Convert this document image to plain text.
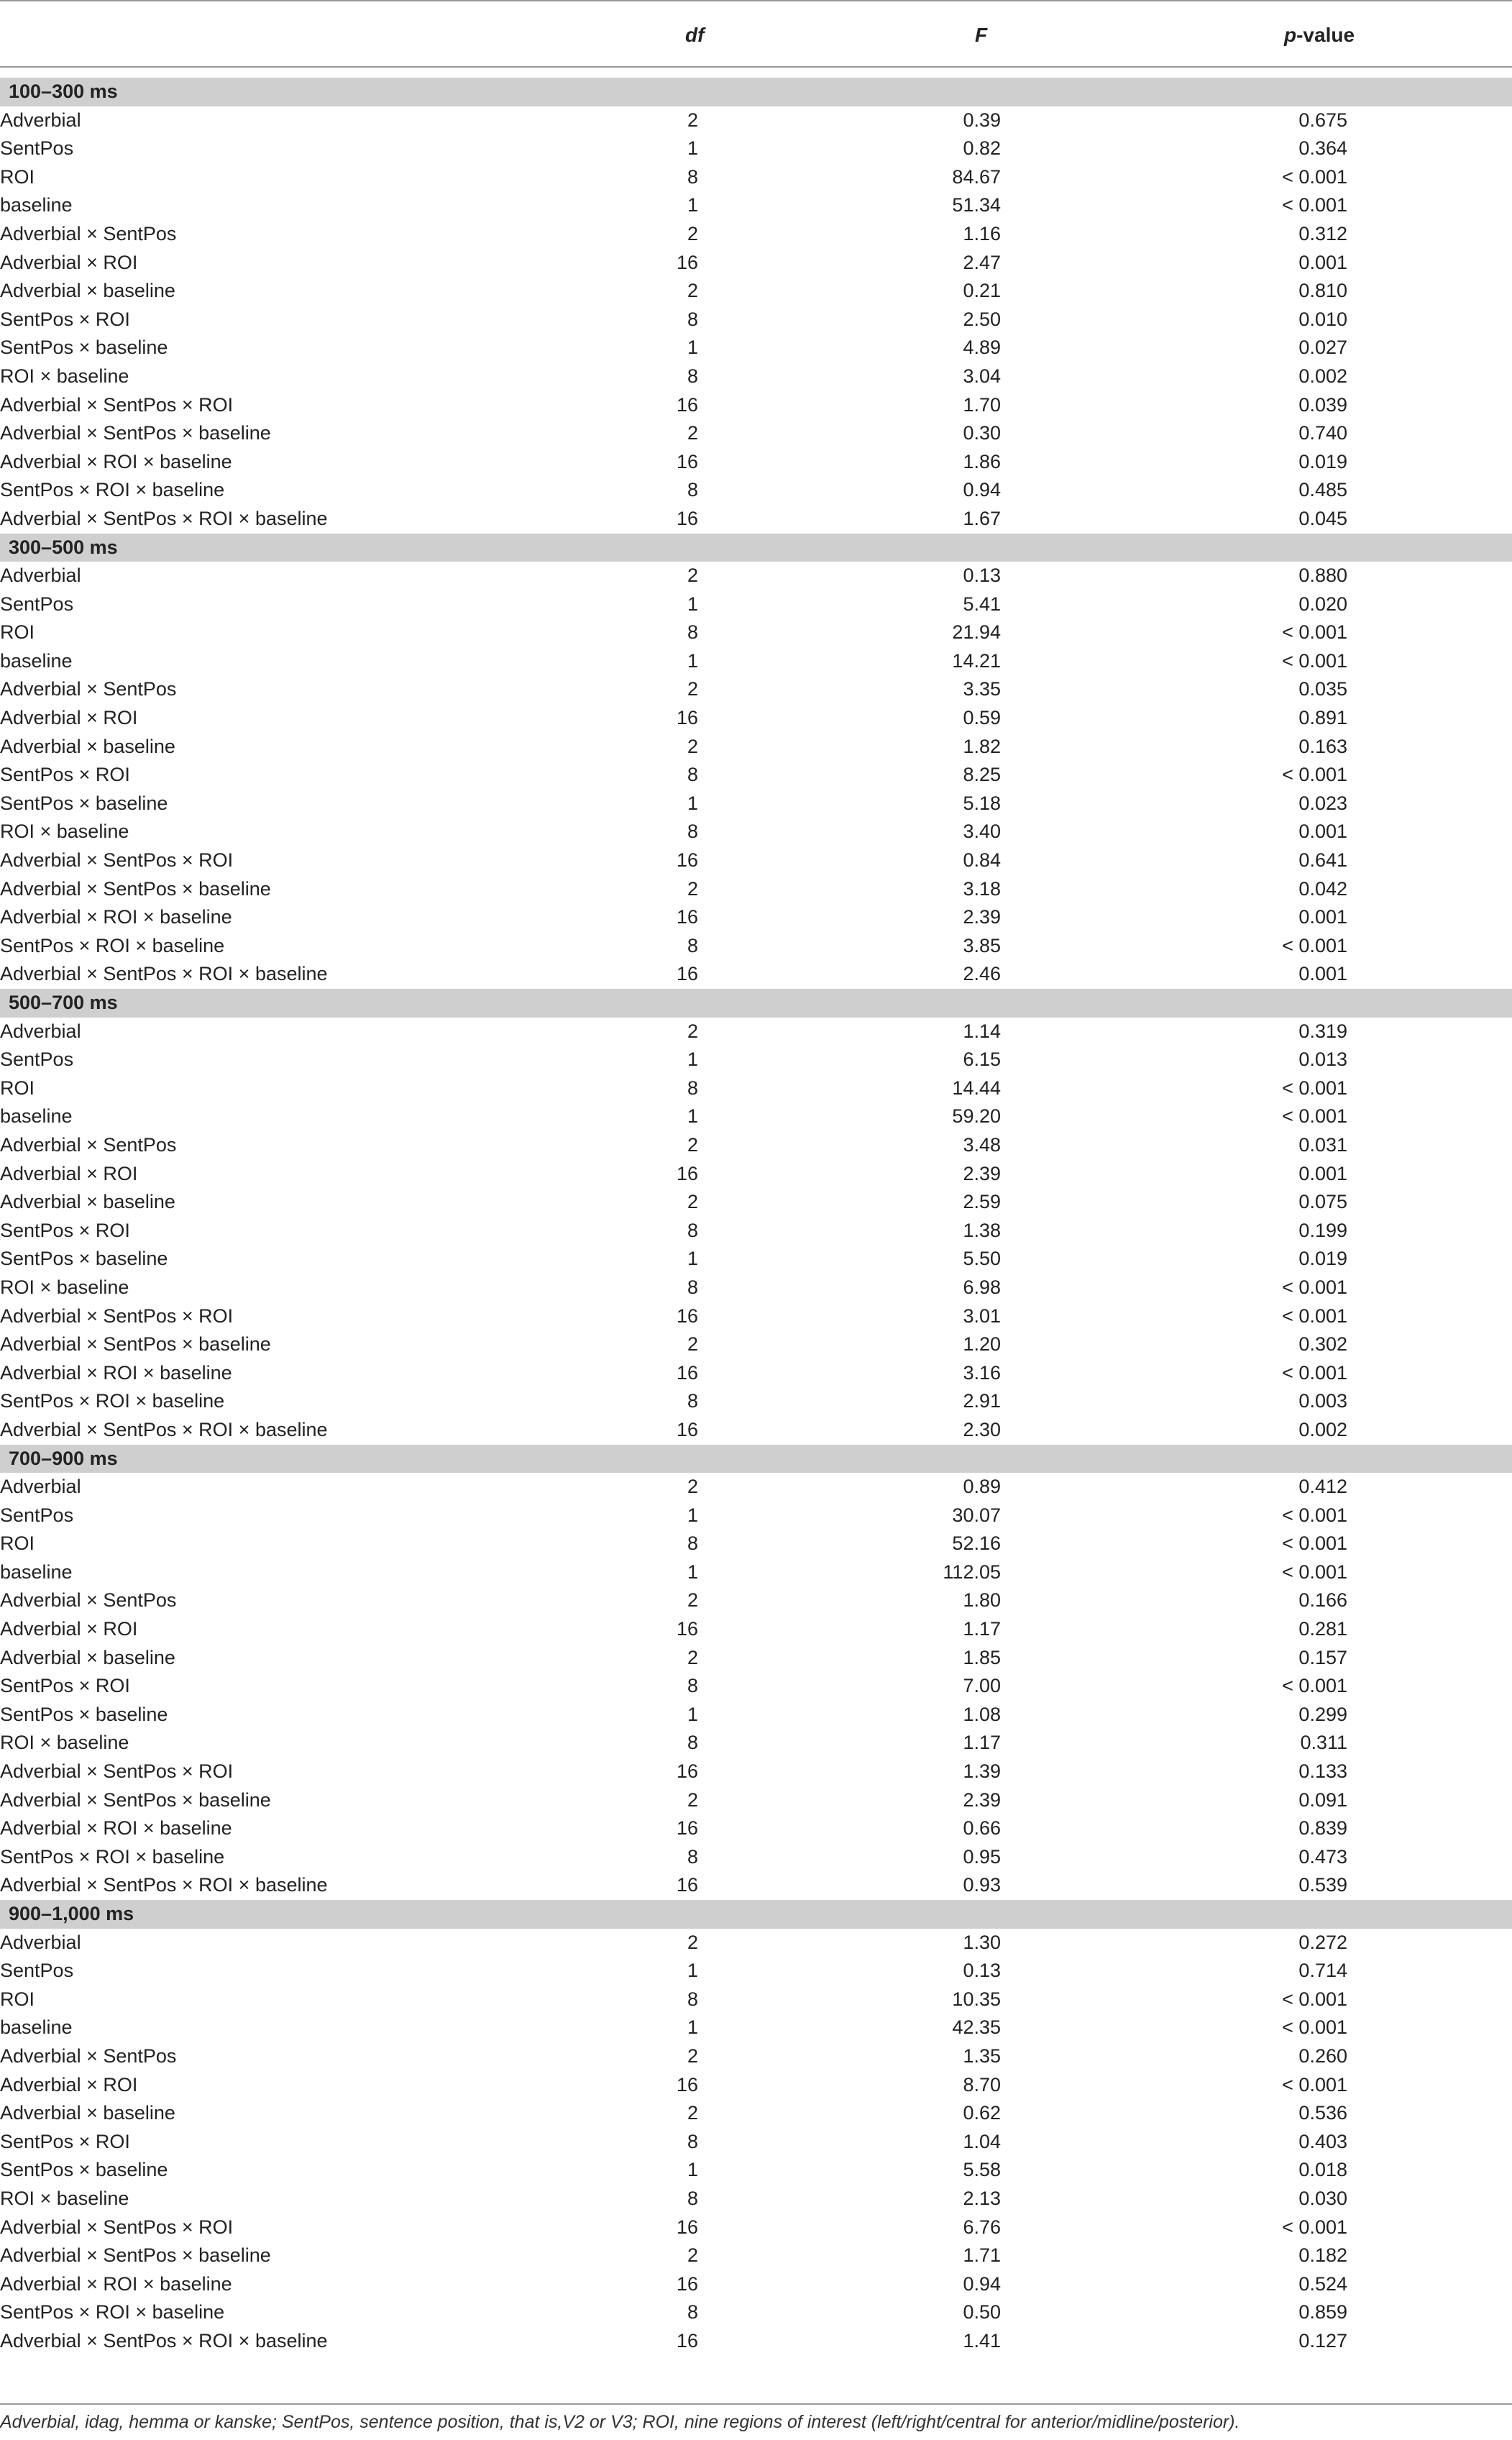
df	F	p-value
100–300 ms
Adverbial	2	0.39	0.675
SentPos	1	0.82	0.364
ROI	8	84.67	< 0.001
baseline	1	51.34	< 0.001
Adverbial × SentPos	2	1.16	0.312
Adverbial × ROI	16	2.47	0.001
Adverbial × baseline	2	0.21	0.810
SentPos × ROI	8	2.50	0.010
SentPos × baseline	1	4.89	0.027
ROI × baseline	8	3.04	0.002
Adverbial × SentPos × ROI	16	1.70	0.039
Adverbial × SentPos × baseline	2	0.30	0.740
Adverbial × ROI × baseline	16	1.86	0.019
SentPos × ROI × baseline	8	0.94	0.485
Adverbial × SentPos × ROI × baseline	16	1.67	0.045
300–500 ms
Adverbial	2	0.13	0.880
SentPos	1	5.41	0.020
ROI	8	21.94	< 0.001
baseline	1	14.21	< 0.001
Adverbial × SentPos	2	3.35	0.035
Adverbial × ROI	16	0.59	0.891
Adverbial × baseline	2	1.82	0.163
SentPos × ROI	8	8.25	< 0.001
SentPos × baseline	1	5.18	0.023
ROI × baseline	8	3.40	0.001
Adverbial × SentPos × ROI	16	0.84	0.641
Adverbial × SentPos × baseline	2	3.18	0.042
Adverbial × ROI × baseline	16	2.39	0.001
SentPos × ROI × baseline	8	3.85	< 0.001
Adverbial × SentPos × ROI × baseline	16	2.46	0.001
500–700 ms
Adverbial	2	1.14	0.319
SentPos	1	6.15	0.013
ROI	8	14.44	< 0.001
baseline	1	59.20	< 0.001
Adverbial × SentPos	2	3.48	0.031
Adverbial × ROI	16	2.39	0.001
Adverbial × baseline	2	2.59	0.075
SentPos × ROI	8	1.38	0.199
SentPos × baseline	1	5.50	0.019
ROI × baseline	8	6.98	< 0.001
Adverbial × SentPos × ROI	16	3.01	< 0.001
Adverbial × SentPos × baseline	2	1.20	0.302
Adverbial × ROI × baseline	16	3.16	< 0.001
SentPos × ROI × baseline	8	2.91	0.003
Adverbial × SentPos × ROI × baseline	16	2.30	0.002
700–900 ms
Adverbial	2	0.89	0.412
SentPos	1	30.07	< 0.001
ROI	8	52.16	< 0.001
baseline	1	112.05	< 0.001
Adverbial × SentPos	2	1.80	0.166
Adverbial × ROI	16	1.17	0.281
Adverbial × baseline	2	1.85	0.157
SentPos × ROI	8	7.00	< 0.001
SentPos × baseline	1	1.08	0.299
ROI × baseline	8	1.17	0.311
Adverbial × SentPos × ROI	16	1.39	0.133
Adverbial × SentPos × baseline	2	2.39	0.091
Adverbial × ROI × baseline	16	0.66	0.839
SentPos × ROI × baseline	8	0.95	0.473
Adverbial × SentPos × ROI × baseline	16	0.93	0.539
900–1,000 ms
Adverbial	2	1.30	0.272
SentPos	1	0.13	0.714
ROI	8	10.35	< 0.001
baseline	1	42.35	< 0.001
Adverbial × SentPos	2	1.35	0.260
Adverbial × ROI	16	8.70	< 0.001
Adverbial × baseline	2	0.62	0.536
SentPos × ROI	8	1.04	0.403
SentPos × baseline	1	5.58	0.018
ROI × baseline	8	2.13	0.030
Adverbial × SentPos × ROI	16	6.76	< 0.001
Adverbial × SentPos × baseline	2	1.71	0.182
Adverbial × ROI × baseline	16	0.94	0.524
SentPos × ROI × baseline	8	0.50	0.859
Adverbial × SentPos × ROI × baseline	16	1.41	0.127
Adverbial, idag, hemma or kanske; SentPos, sentence position, that is,V2 or V3; ROI, nine regions of interest (left/right/central for anterior/midline/posterior).
